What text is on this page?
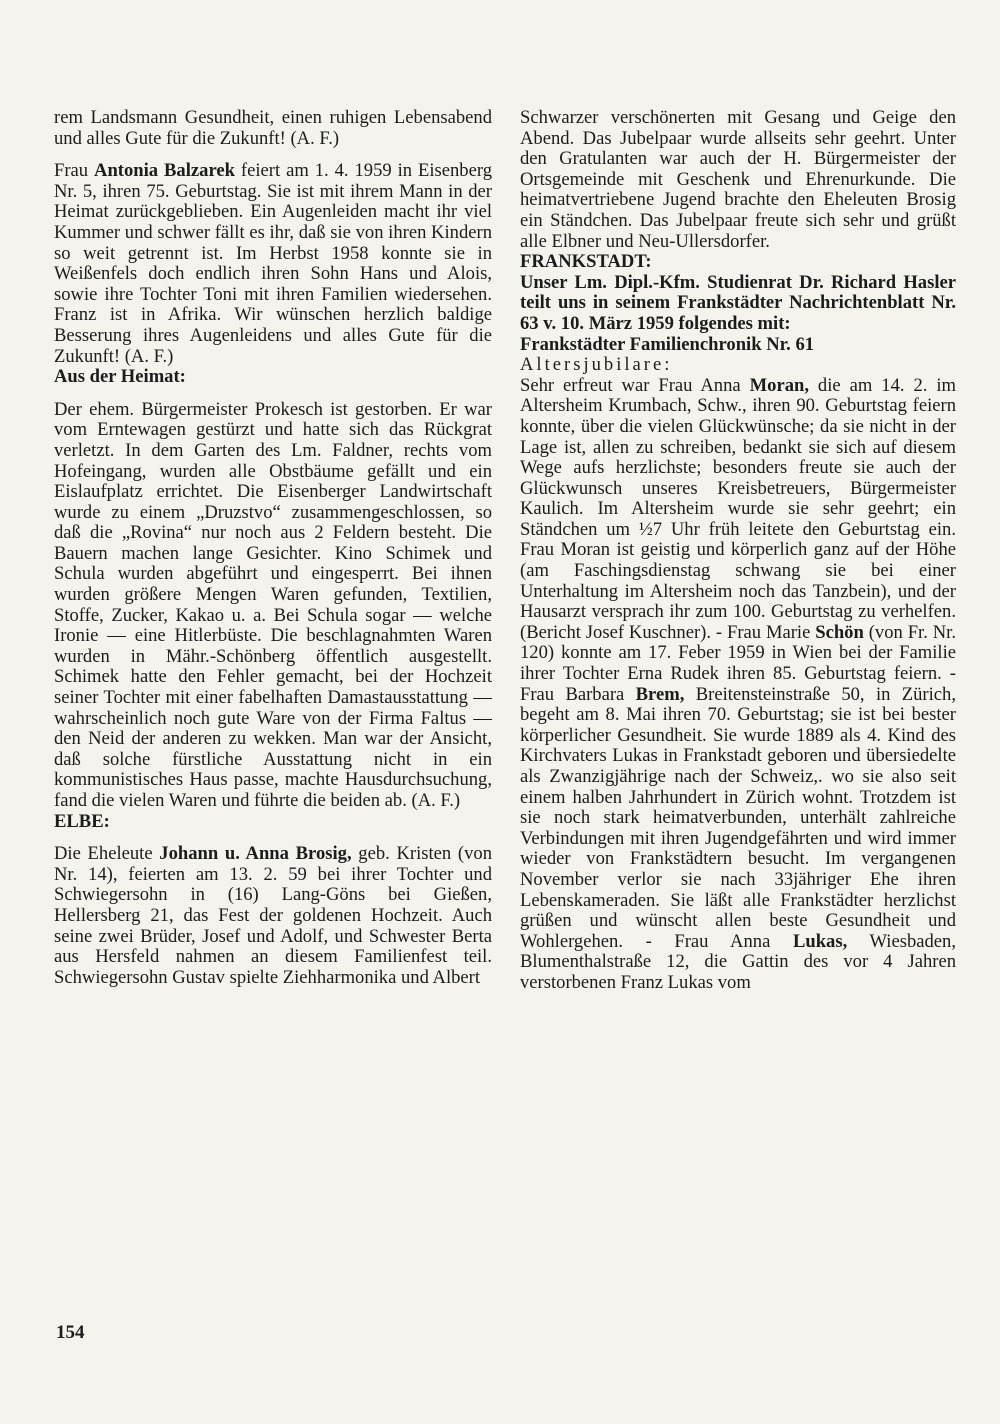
rem Landsmann Gesundheit, einen ruhigen Lebensabend und alles Gute für die Zukunft! (A. F.)

Frau Antonia Balzarek feiert am 1. 4. 1959 in Eisenberg Nr. 5, ihren 75. Geburtstag. Sie ist mit ihrem Mann in der Heimat zurückgeblieben. Ein Augenleiden macht ihr viel Kummer und schwer fällt es ihr, daß sie von ihren Kindern so weit getrennt ist. Im Herbst 1958 konnte sie in Weißenfels doch endlich ihren Sohn Hans und Alois, sowie ihre Tochter Toni mit ihren Familien wiedersehen. Franz ist in Afrika. Wir wünschen herzlich baldige Besserung ihres Augenleidens und alles Gute für die Zukunft! (A. F.)

Aus der Heimat:

Der ehem. Bürgermeister Prokesch ist gestorben. Er war vom Erntewagen gestürzt und hatte sich das Rückgrat verletzt. In dem Garten des Lm. Faldner, rechts vom Hofeingang, wurden alle Obstbäume gefällt und ein Eislaufplatz errichtet. Die Eisenberger Landwirtschaft wurde zu einem „Druzstvo“ zusammengeschlossen, so daß die „Rovina“ nur noch aus 2 Feldern besteht. Die Bauern machen lange Gesichter. Kino Schimek und Schula wurden abgeführt und eingesperrt. Bei ihnen wurden größere Mengen Waren gefunden, Textilien, Stoffe, Zucker, Kakao u. a. Bei Schula sogar — welche Ironie — eine Hitlerbüste. Die beschlagnahmten Waren wurden in Mähr.-Schönberg öffentlich ausgestellt. Schimek hatte den Fehler gemacht, bei der Hochzeit seiner Tochter mit einer fabelhaften Damastausstattung — wahrscheinlich noch gute Ware von der Firma Faltus — den Neid der anderen zu wekken. Man war der Ansicht, daß solche fürstliche Ausstattung nicht in ein kommunistisches Haus passe, machte Hausdurchsuchung, fand die vielen Waren und führte die beiden ab. (A. F.)

ELBE:

Die Eheleute Johann u. Anna Brosig, geb. Kristen (von Nr. 14), feierten am 13. 2. 59 bei ihrer Tochter und Schwiegersohn in (16) Lang-Göns bei Gießen, Hellersberg 21, das Fest der goldenen Hochzeit. Auch seine zwei Brüder, Josef und Adolf, und Schwester Berta aus Hersfeld nahmen an diesem Familienfest teil. Schwiegersohn Gustav spielte Ziehharmonika und Albert

Schwarzer verschönerten mit Gesang und Geige den Abend. Das Jubelpaar wurde allseits sehr geehrt. Unter den Gratulanten war auch der H. Bürgermeister der Ortsgemeinde mit Geschenk und Ehrenurkunde. Die heimatvertriebene Jugend brachte den Eheleuten Brosig ein Ständchen. Das Jubelpaar freute sich sehr und grüßt alle Elbner und Neu-Ullersdorfer.

FRANKSTADT:

Unser Lm. Dipl.-Kfm. Studienrat Dr. Richard Hasler teilt uns in seinem Frankstädter Nachrichtenblatt Nr. 63 v. 10. März 1959 folgendes mit:

Frankstädter Familienchronik Nr. 61

Altersjubilare:

Sehr erfreut war Frau Anna Moran, die am 14. 2. im Altersheim Krumbach, Schw., ihren 90. Geburtstag feiern konnte, über die vielen Glückwünsche; da sie nicht in der Lage ist, allen zu schreiben, bedankt sie sich auf diesem Wege aufs herzlichste; besonders freute sie auch der Glückwunsch unseres Kreisbetreuers, Bürgermeister Kaulich. Im Altersheim wurde sie sehr geehrt; ein Ständchen um ½7 Uhr früh leitete den Geburtstag ein. Frau Moran ist geistig und körperlich ganz auf der Höhe (am Faschingsdienstag schwang sie bei einer Unterhaltung im Altersheim noch das Tanzbein), und der Hausarzt versprach ihr zum 100. Geburtstag zu verhelfen. (Bericht Josef Kuschner). - Frau Marie Schön (von Fr. Nr. 120) konnte am 17. Feber 1959 in Wien bei der Familie ihrer Tochter Erna Rudek ihren 85. Geburtstag feiern. - Frau Barbara Brem, Breitensteinstraße 50, in Zürich, begeht am 8. Mai ihren 70. Geburtstag; sie ist bei bester körperlicher Gesundheit. Sie wurde 1889 als 4. Kind des Kirchvaters Lukas in Frankstadt geboren und übersiedelte als Zwanzigjährige nach der Schweiz,. wo sie also seit einem halben Jahrhundert in Zürich wohnt. Trotzdem ist sie noch stark heimatverbunden, unterhält zahlreiche Verbindungen mit ihren Jugendgefährten und wird immer wieder von Frankstädtern besucht. Im vergangenen November verlor sie nach 33jähriger Ehe ihren Lebenskameraden. Sie läßt alle Frankstädter herzlichst grüßen und wünscht allen beste Gesundheit und Wohlergehen. - Frau Anna Lukas, Wiesbaden, Blumenthalstraße 12, die Gattin des vor 4 Jahren verstorbenen Franz Lukas vom

154
